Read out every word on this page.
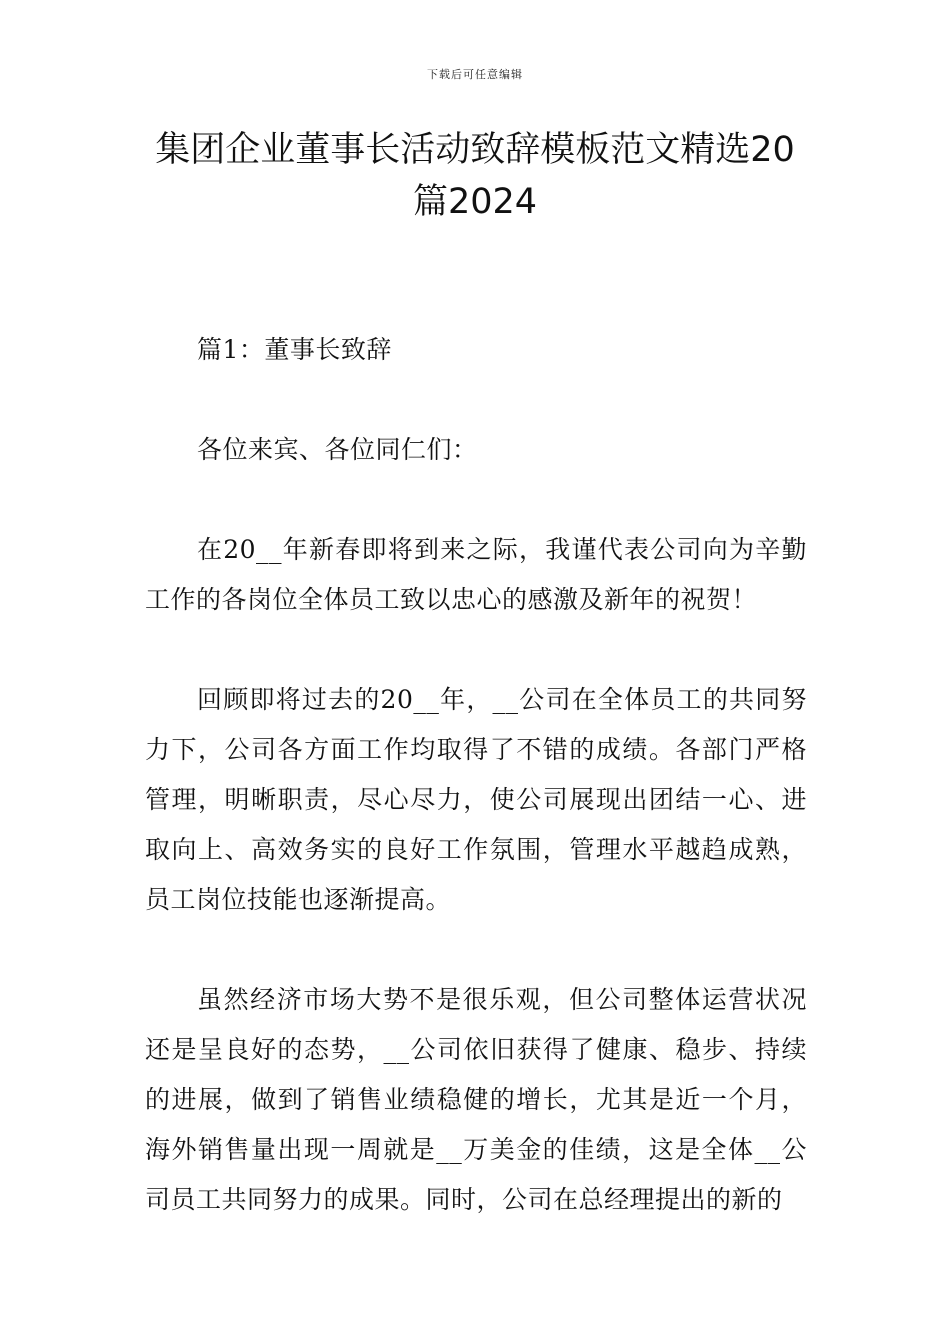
下载后可任意编辑
集团企业董事长活动致辞模板范文精选20篇2024

篇1：董事长致辞

各位来宾、各位同仁们：

在20__年新春即将到来之际，我谨代表公司向为辛勤工作的各岗位全体员工致以忠心的感激及新年的祝贺！

回顾即将过去的20__年，__公司在全体员工的共同努力下，公司各方面工作均取得了不错的成绩。各部门严格管理，明晰职责，尽心尽力，使公司展现出团结一心、进取向上、高效务实的良好工作氛围，管理水平越趋成熟，员工岗位技能也逐渐提高。

虽然经济市场大势不是很乐观，但公司整体运营状况还是呈良好的态势，__公司依旧获得了健康、稳步、持续的进展，做到了销售业绩稳健的增长，尤其是近一个月，海外销售量出现一周就是__万美金的佳绩，这是全体__公司员工共同努力的成果。同时，公司在总经理提出的新的
